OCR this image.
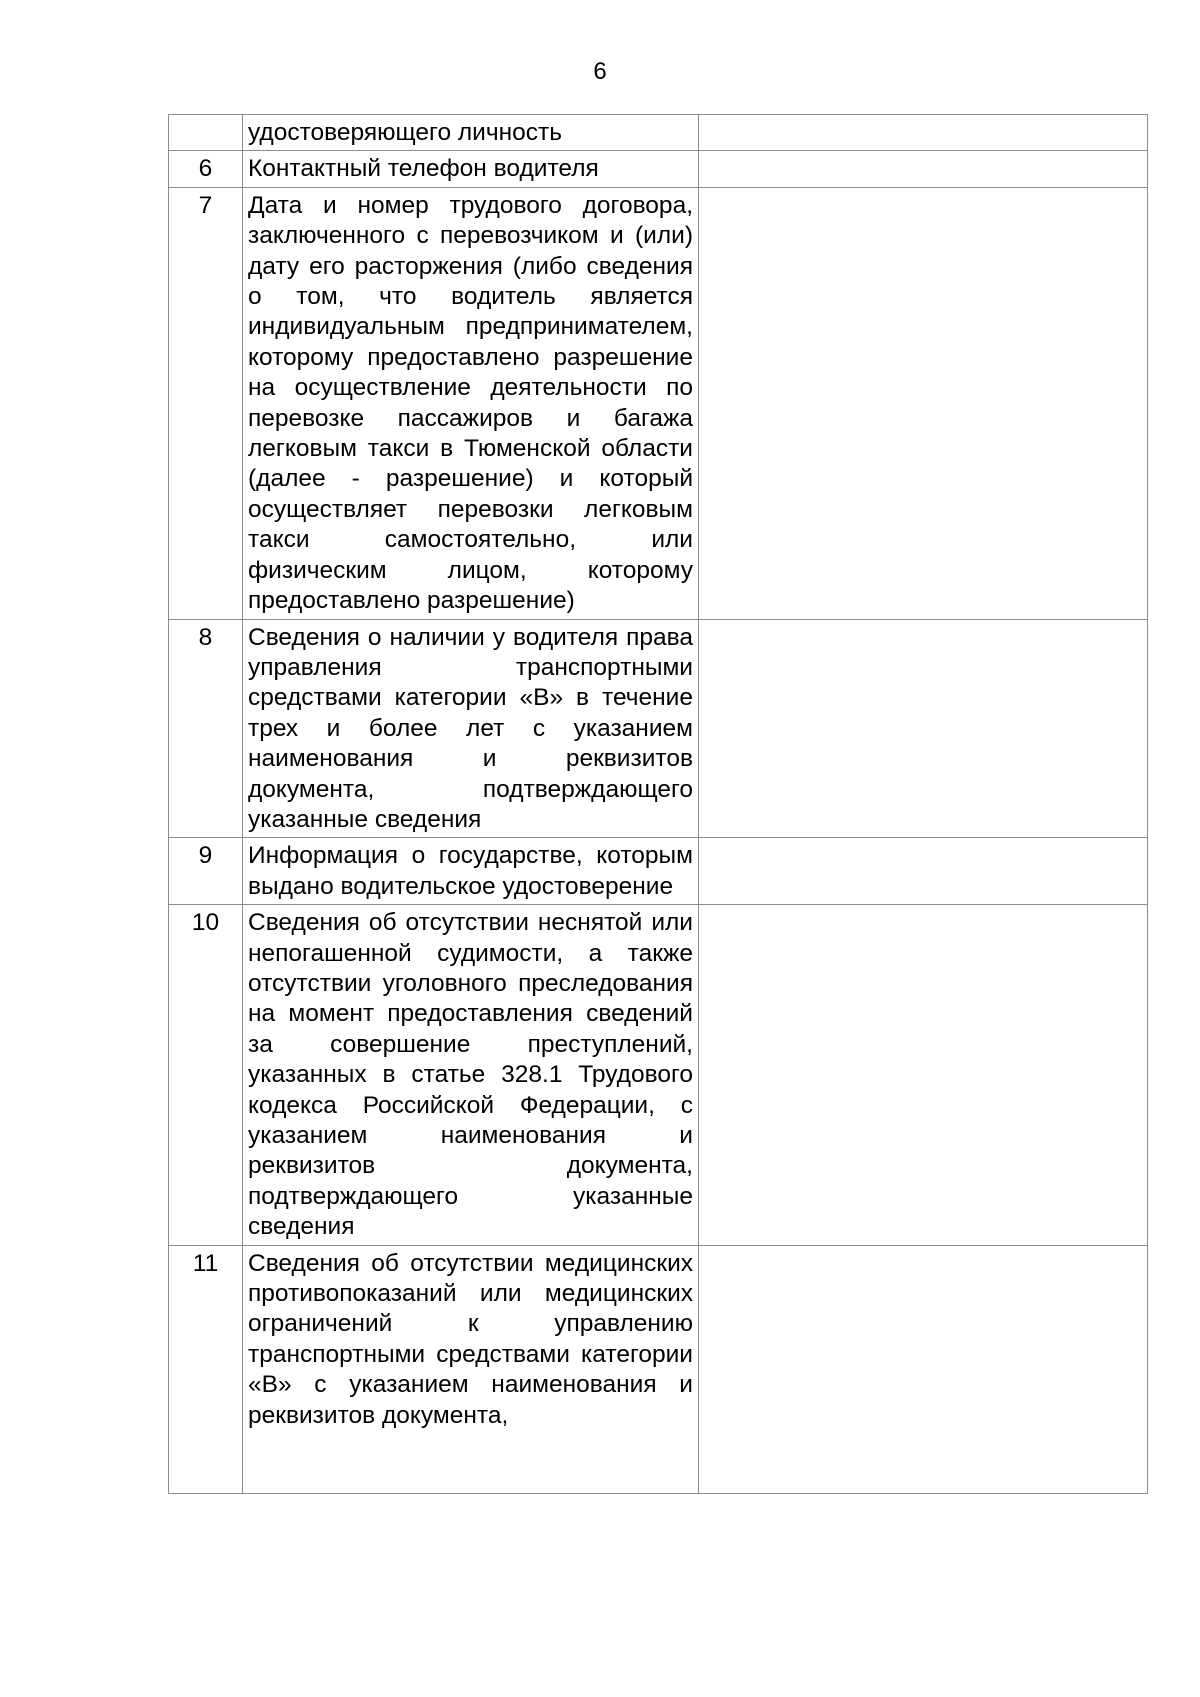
6
	удостоверяющего личность	
6	Контактный телефон водителя	
7	Дата и номер трудового договора, заключенного с перевозчиком и (или) дату его расторжения (либо сведения о том, что водитель является индивидуальным предпринимателем, которому предоставлено разрешение на осуществление деятельности по перевозке пассажиров и багажа легковым такси в Тюменской области (далее - разрешение) и который осуществляет перевозки легковым такси самостоятельно, или физическим лицом, которому предоставлено разрешение)	
8	Сведения о наличии у водителя права управления транспортными средствами категории «В» в течение трех и более лет с указанием наименования и реквизитов документа, подтверждающего указанные сведения	
9	Информация о государстве, которым выдано водительское удостоверение	
10	Сведения об отсутствии неснятой или непогашенной судимости, а также отсутствии уголовного преследования на момент предоставления сведений за совершение преступлений, указанных в статье 328.1 Трудового кодекса Российской Федерации, с указанием наименования и реквизитов документа, подтверждающего указанные сведения	
11	Сведения об отсутствии медицинских противопоказаний или медицинских ограничений к управлению транспортными средствами категории «В» с указанием наименования и реквизитов документа,	
